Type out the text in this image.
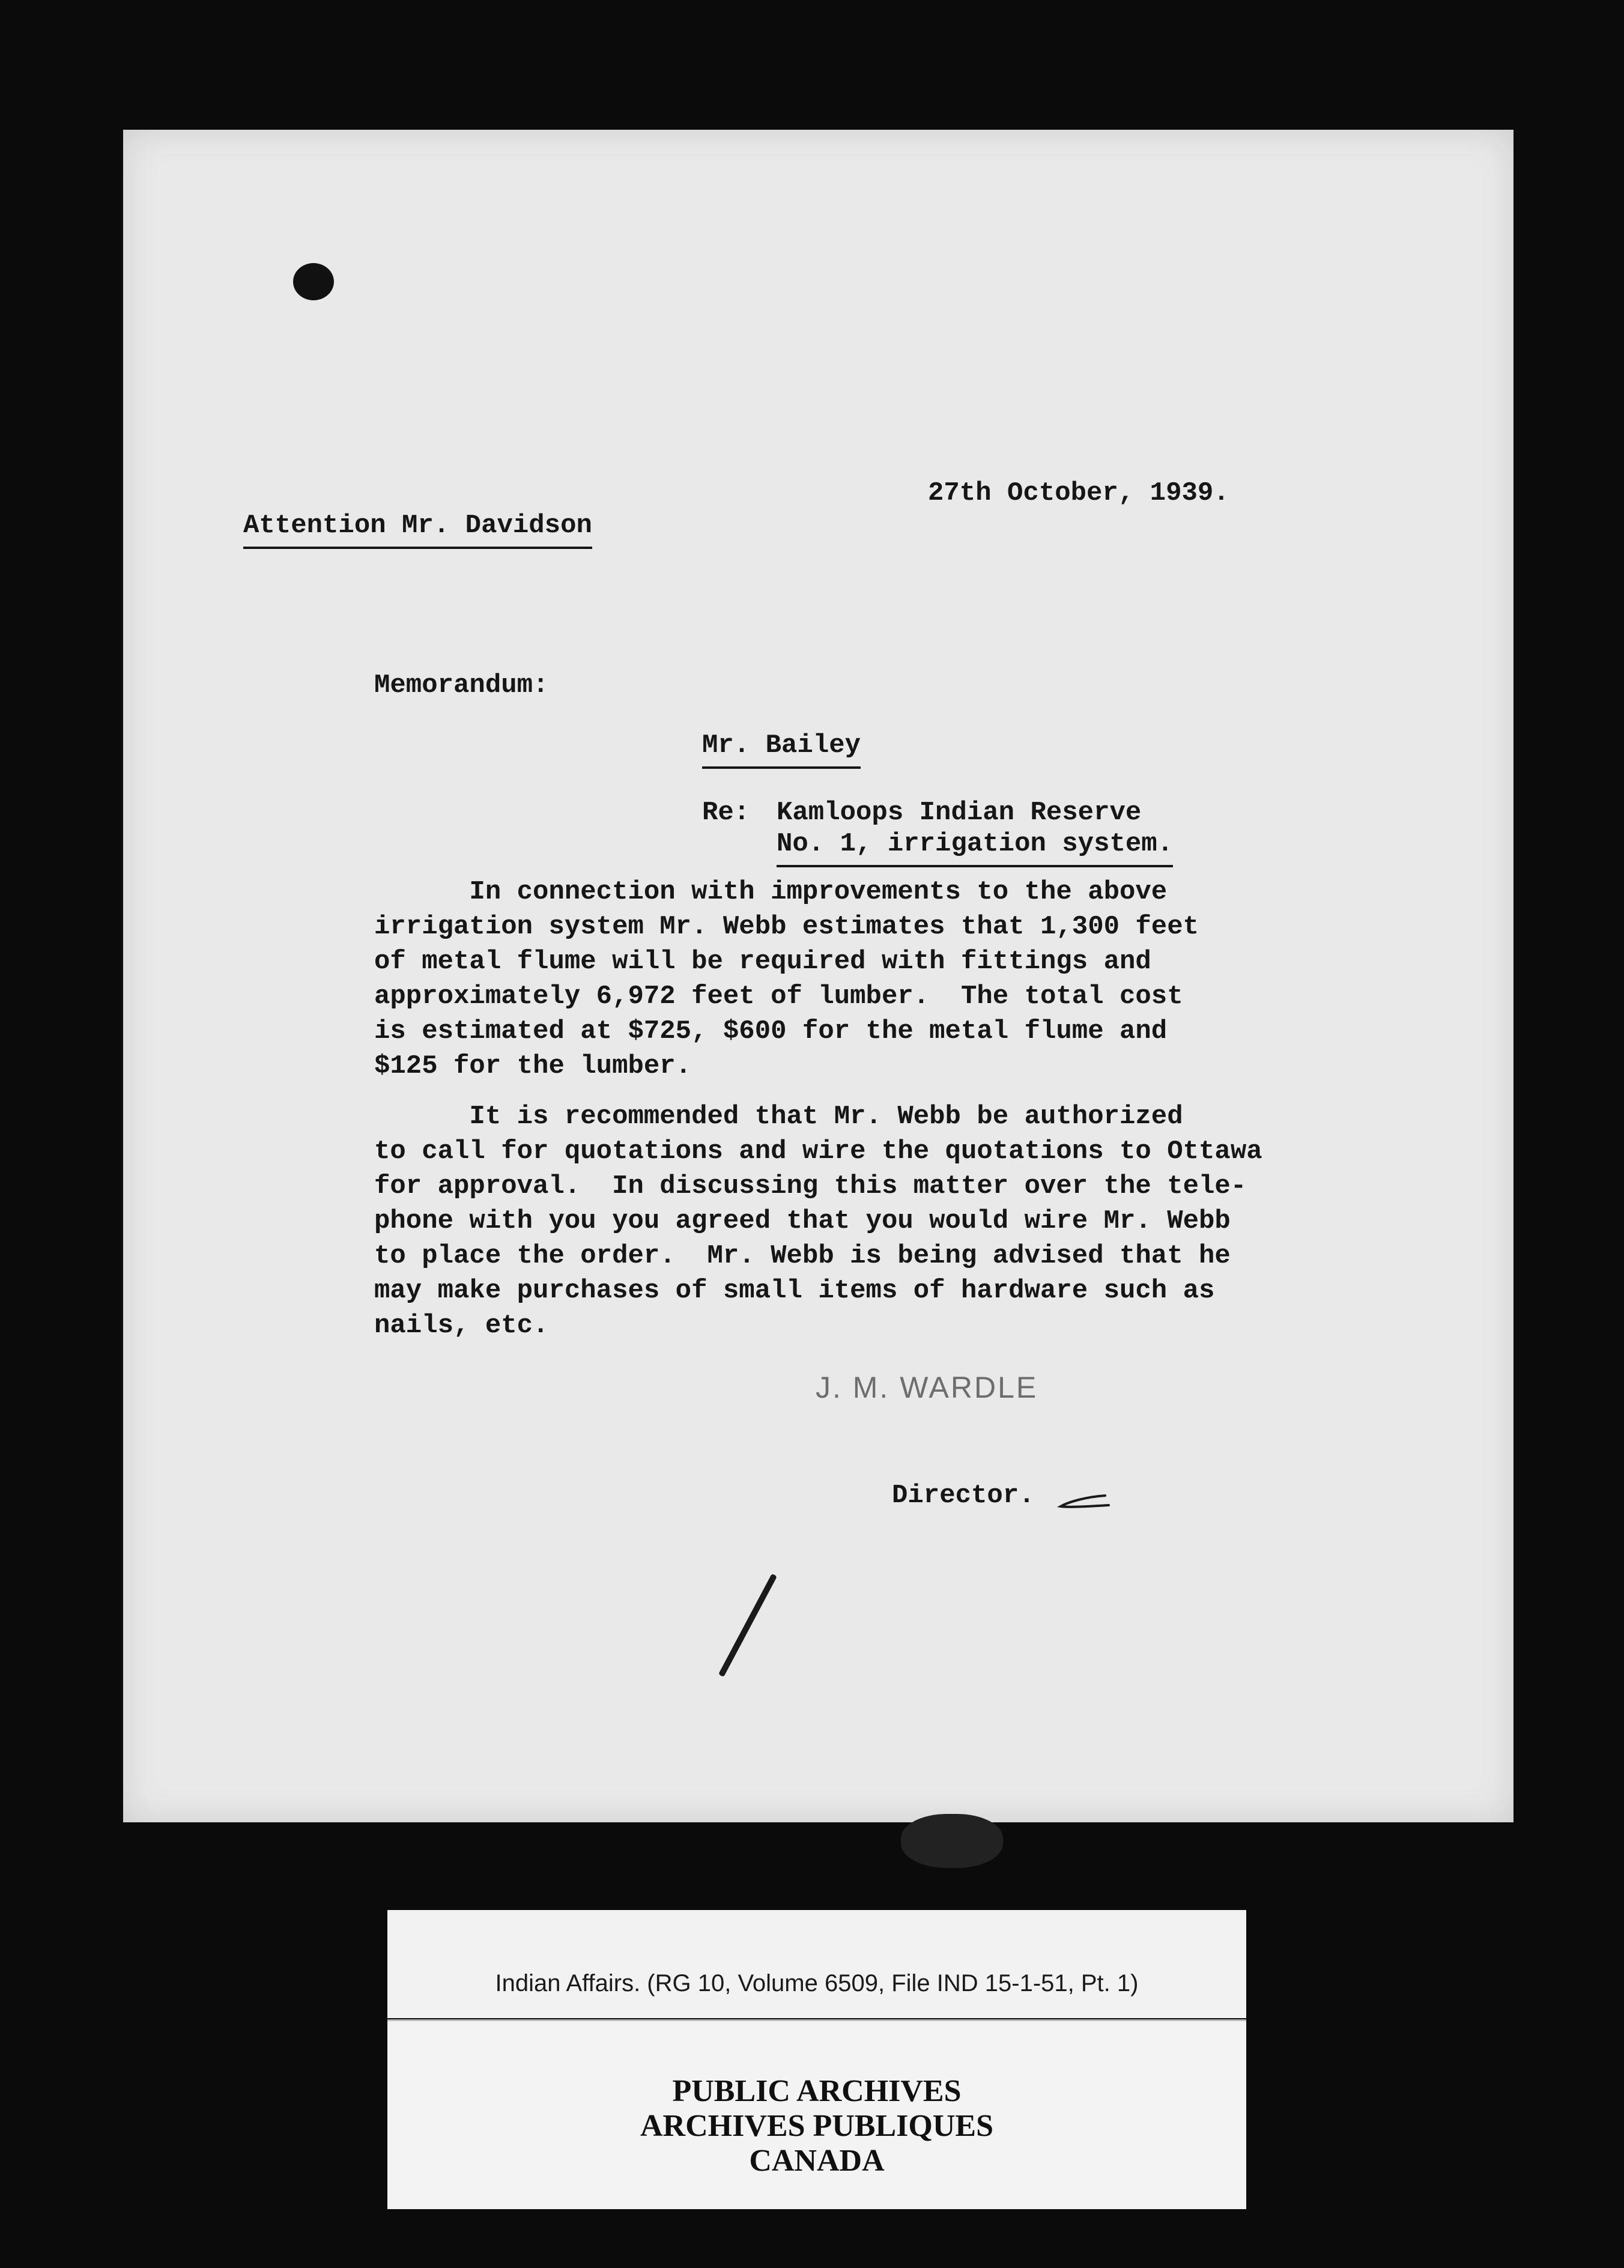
27th October, 1939.

Attention Mr. Davidson

Memorandum:

Mr. Bailey

Re: Kamloops Indian Reserve

No. 1, irrigation system.

In connection with improvements to the above
irrigation system Mr. Webb estimates that 1,300 feet
of metal flume will be required with fittings and
approximately 6,972 feet of lumber.  The total cost
is estimated at $725, $600 for the metal flume and
$125 for the lumber.
It is recommended that Mr. Webb be authorized
to call for quotations and wire the quotations to Ottawa
for approval.  In discussing this matter over the tele-
phone with you you agreed that you would wire Mr. Webb
to place the order.  Mr. Webb is being advised that he
may make purchases of small items of hardware such as
nails, etc.

J. M. WARDLE

Director.

Indian Affairs. (RG 10, Volume 6509, File IND 15-1-51, Pt. 1)

PUBLIC ARCHIVES

ARCHIVES PUBLIQUES

CANADA
